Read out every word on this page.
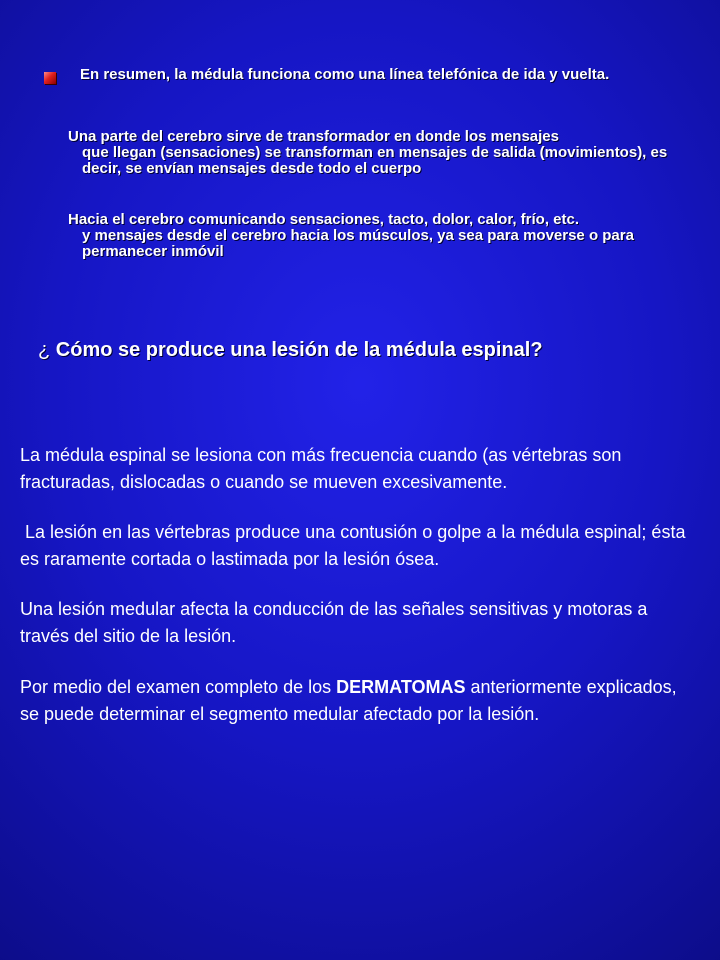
En resumen, la médula funciona como una línea telefónica de ida y vuelta.
Una parte del cerebro sirve de transformador en donde los mensajes
que llegan (sensaciones) se transforman en mensajes de salida (movimientos), es decir, se envían mensajes desde todo el cuerpo
Hacia el cerebro comunicando sensaciones, tacto, dolor, calor, frío, etc.
y mensajes desde el cerebro hacia los músculos, ya sea para moverse o para permanecer inmóvil
¿ Cómo se produce una lesión de la médula espinal?
La médula espinal se lesiona con más frecuencia cuando (as vértebras son fracturadas, dislocadas o cuando se mueven excesivamente.
La lesión en las vértebras produce una contusión o golpe a la médula espinal; ésta es raramente cortada o lastimada por la lesión ósea.
Una lesión medular afecta la conducción de las señales sensitivas y motoras a través del sitio de la lesión.
Por medio del examen completo de los DERMATOMAS anteriormente explicados, se puede determinar el segmento medular afectado por la lesión.
